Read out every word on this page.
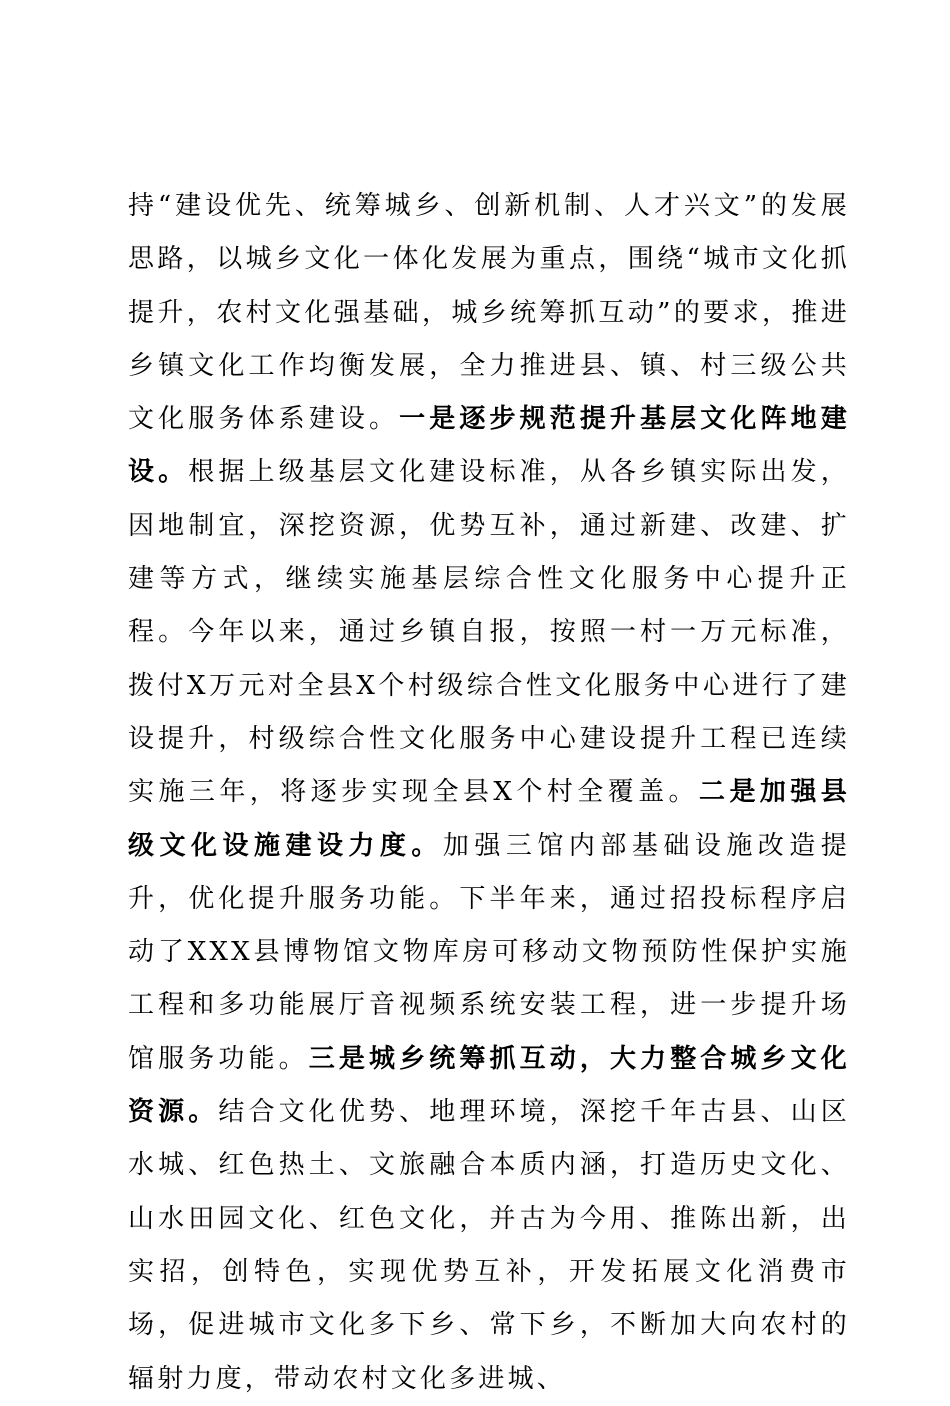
持“建设优先、统筹城乡、创新机制、人才兴文”的发展思路，以城乡文化一体化发展为重点，围绕“城市文化抓提升，农村文化强基础，城乡统筹抓互动”的要求，推进乡镇文化工作均衡发展，全力推进县、镇、村三级公共文化服务体系建设。一是逐步规范提升基层文化阵地建设。根据上级基层文化建设标准，从各乡镇实际出发，因地制宜，深挖资源，优势互补，通过新建、改建、扩建等方式，继续实施基层综合性文化服务中心提升正程。今年以来，通过乡镇自报，按照一村一万元标准，拨付X万元对全县X个村级综合性文化服务中心进行了建设提升，村级综合性文化服务中心建设提升工程已连续实施三年，将逐步实现全县X个村全覆盖。二是加强县级文化设施建设力度。加强三馆内部基础设施改造提升，优化提升服务功能。下半年来，通过招投标程序启动了XXX县博物馆文物库房可移动文物预防性保护实施工程和多功能展厅音视频系统安装工程，进一步提升场馆服务功能。三是城乡统筹抓互动，大力整合城乡文化资源。结合文化优势、地理环境，深挖千年古县、山区水城、红色热土、文旅融合本质内涵，打造历史文化、山水田园文化、红色文化，并古为今用、推陈出新，出实招，创特色，实现优势互补，开发拓展文化消费市场，促进城市文化多下乡、常下乡，不断加大向农村的辐射力度，带动农村文化多进城、
